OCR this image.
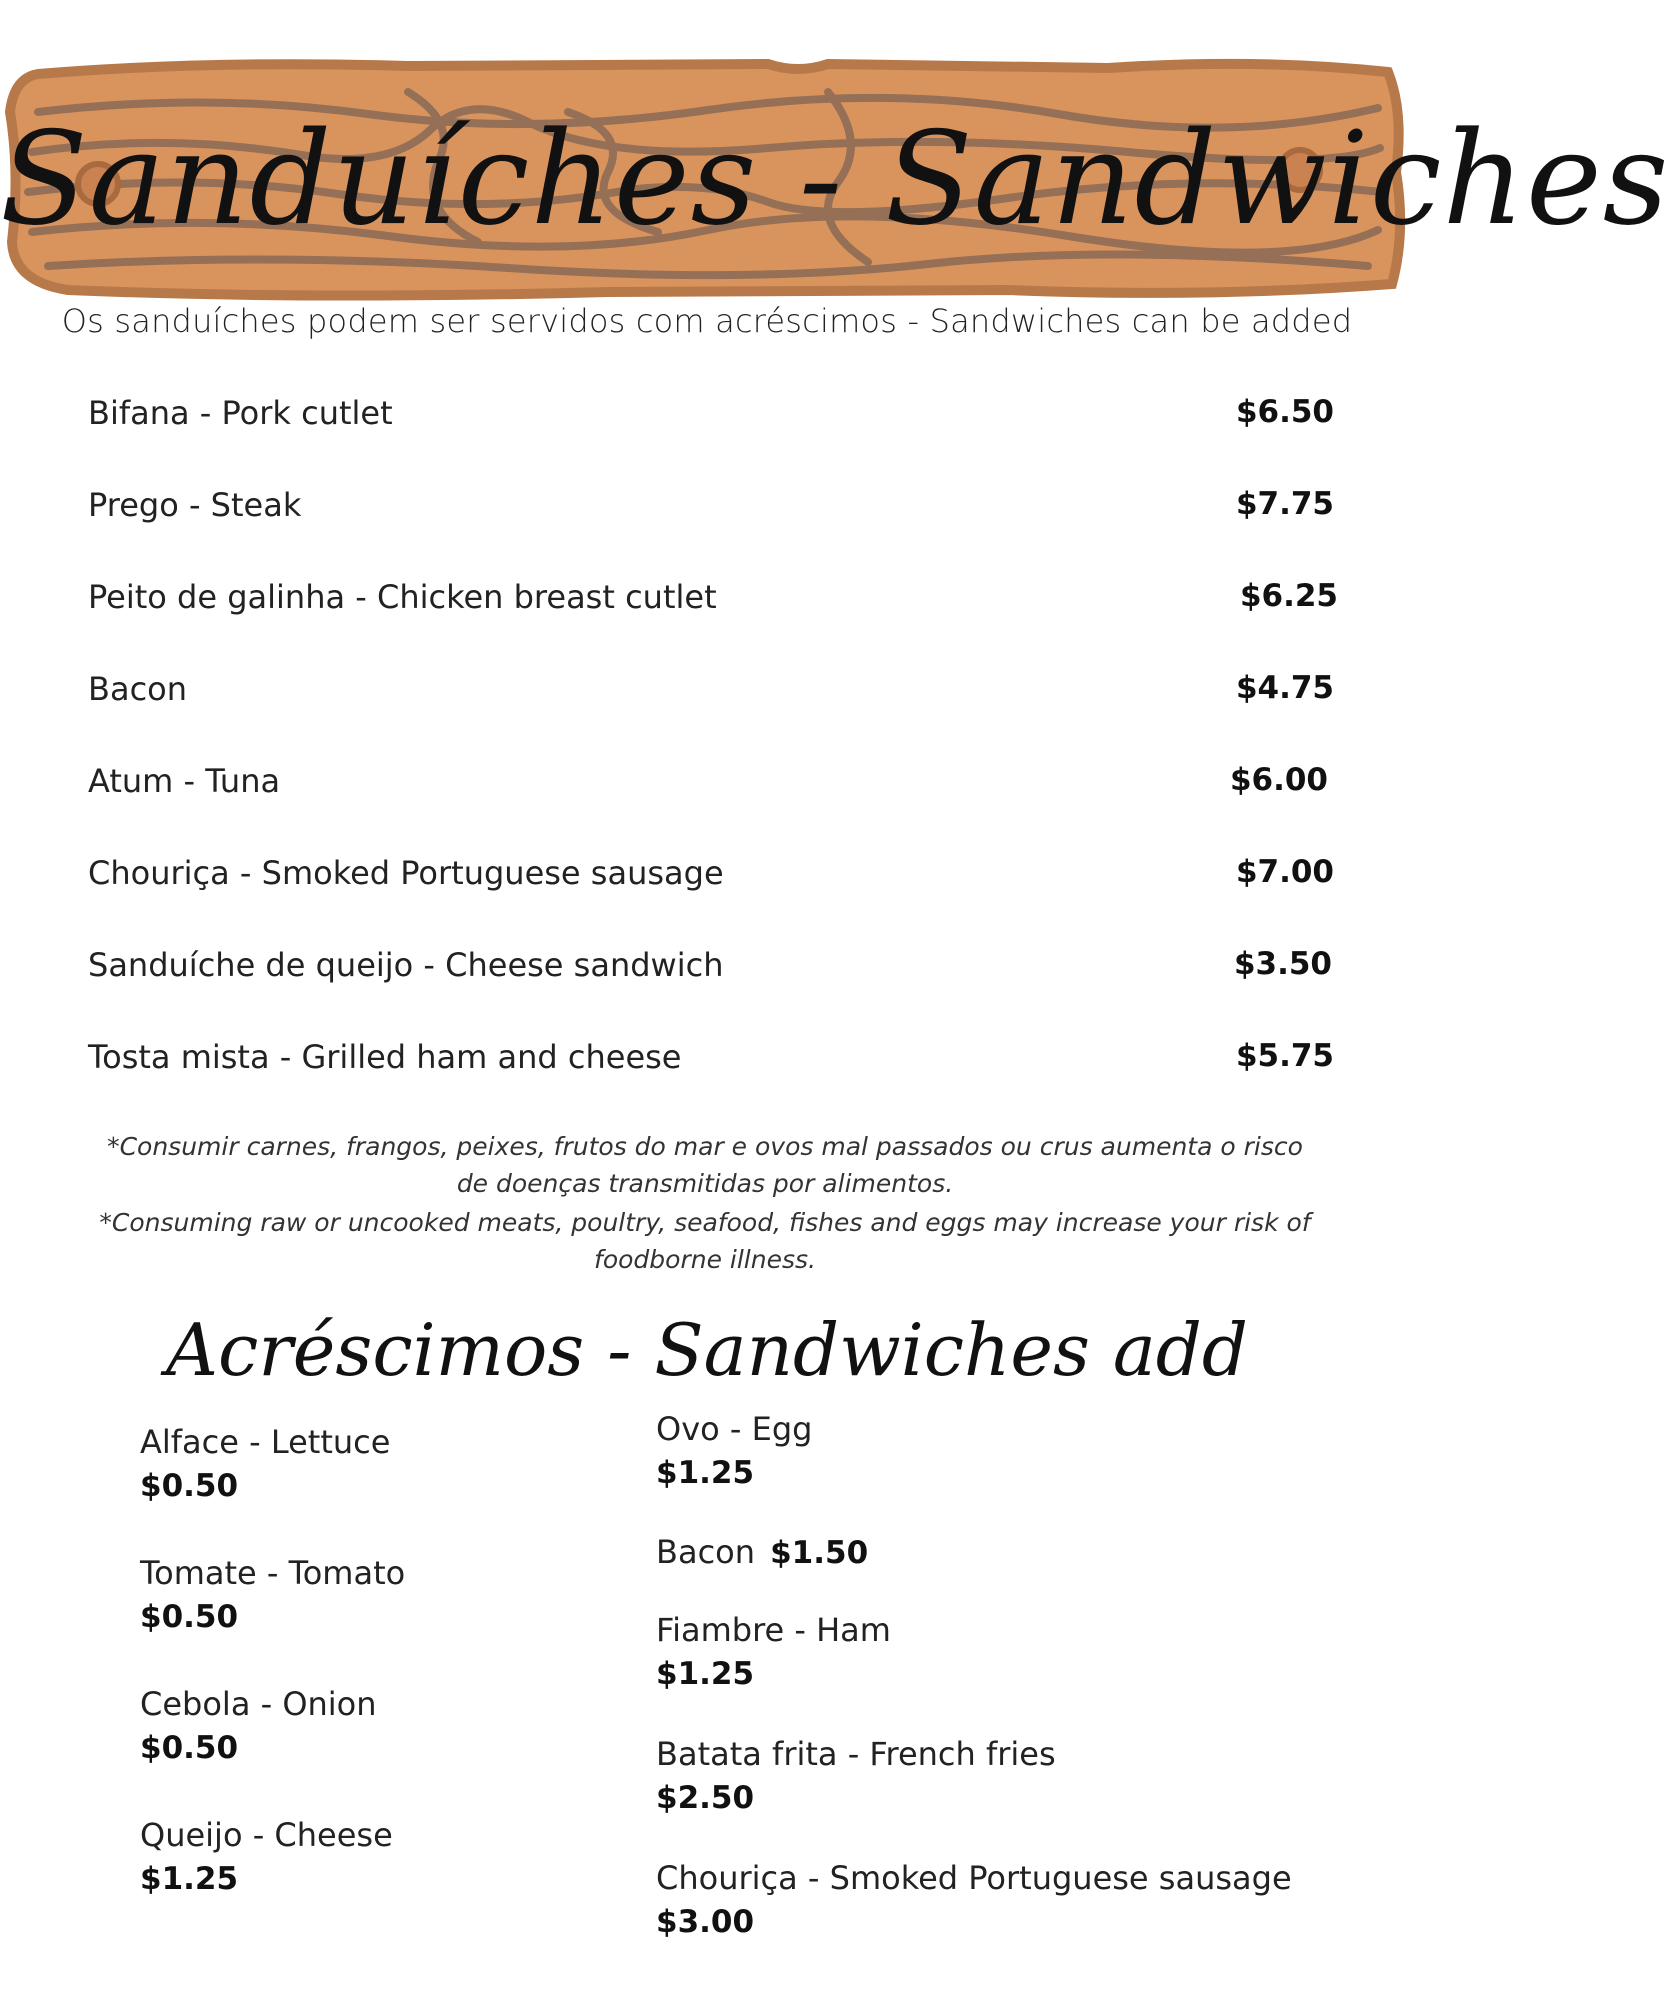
Sanduíches - Sandwiches
Os sanduíches podem ser servidos com acréscimos - Sandwiches can be added
Bifana - Pork cutlet	$6.50
Prego - Steak	$7.75
Peito de galinha - Chicken breast cutlet	$6.25
Bacon	$4.75
Atum - Tuna	$6.00
Chouriça - Smoked Portuguese sausage	$7.00
Sanduíche de queijo - Cheese sandwich	$3.50
Tosta mista - Grilled ham and cheese	$5.75
*Consumir carnes, frangos, peixes, frutos do mar e ovos mal passados ou crus aumenta o risco de doenças transmitidas por alimentos.
*Consuming raw or uncooked meats, poultry, seafood, fishes and eggs may increase your risk of foodborne illness.
Acréscimos - Sandwiches add
Alface - Lettuce
$0.50
Tomate - Tomato
$0.50
Cebola - Onion
$0.50
Queijo - Cheese
$1.25
Ovo - Egg
$1.25
Bacon $1.50
Fiambre - Ham
$1.25
Batata frita - French fries
$2.50
Chouriça - Smoked Portuguese sausage
$3.00
